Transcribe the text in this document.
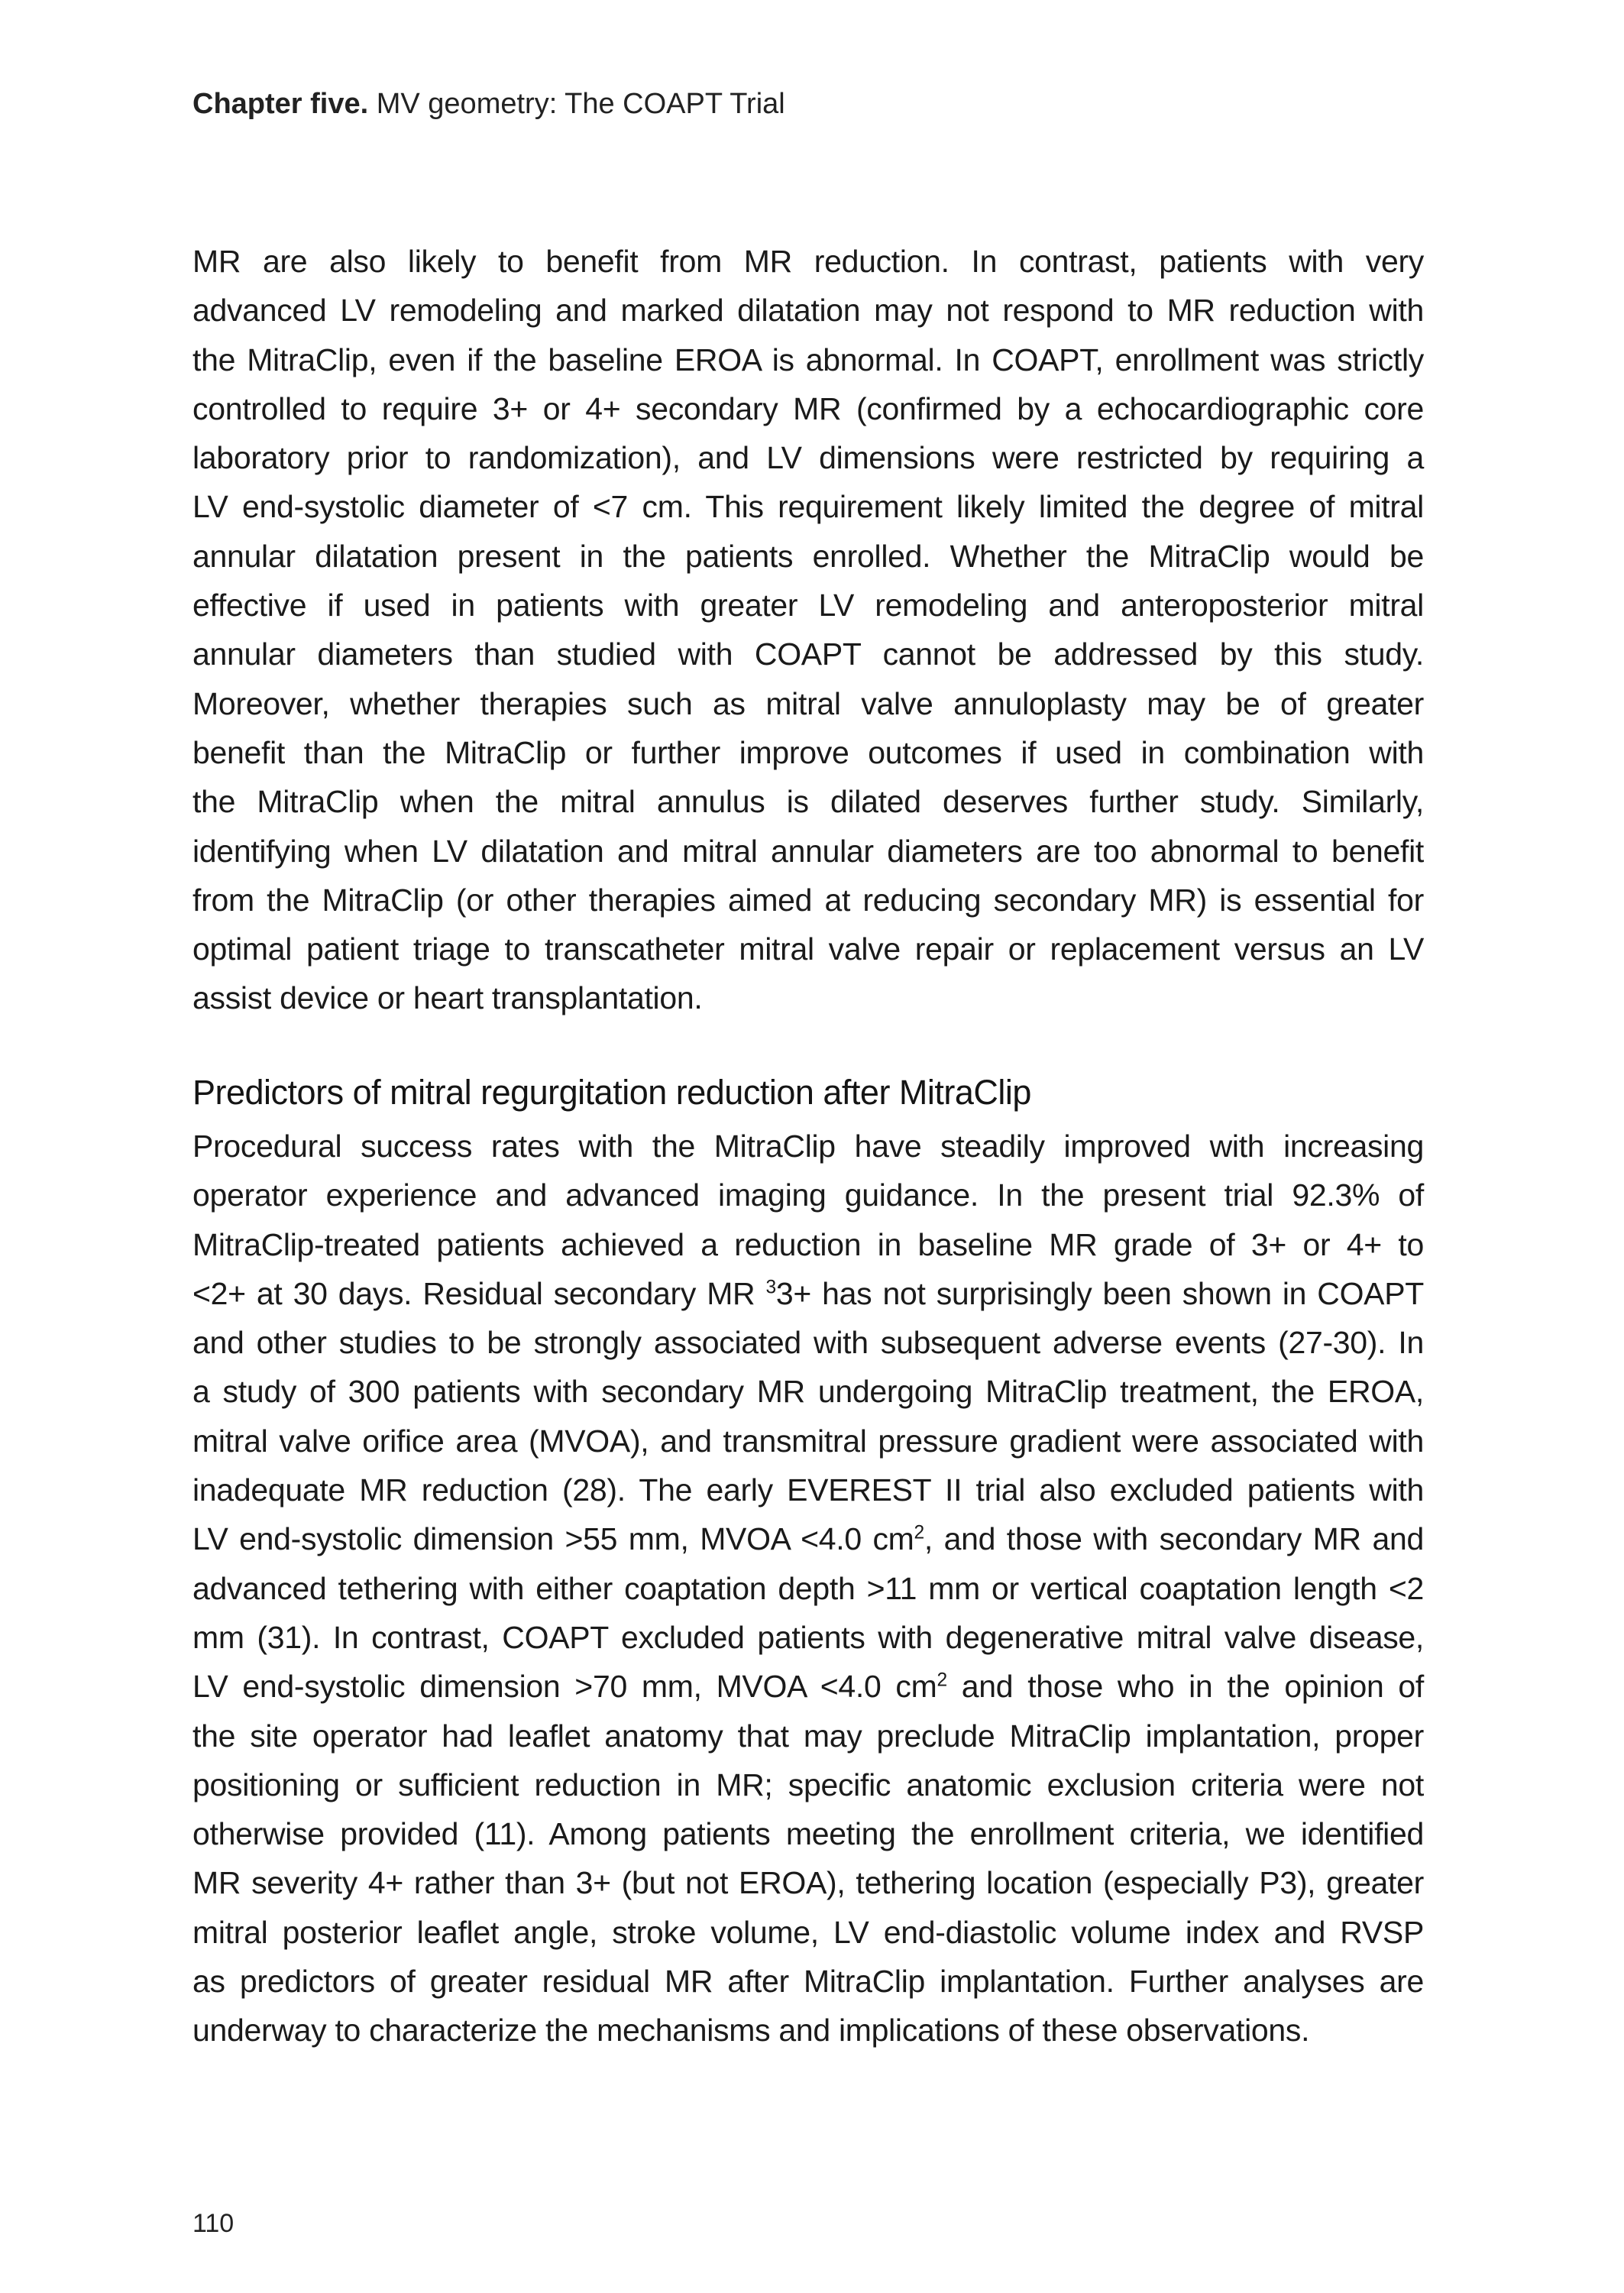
Chapter five. MV geometry: The COAPT Trial

MR are also likely to benefit from MR reduction. In contrast, patients with very
advanced LV remodeling and marked dilatation may not respond to MR reduction with
the MitraClip, even if the baseline EROA is abnormal. In COAPT, enrollment was strictly
controlled to require 3+ or 4+ secondary MR (confirmed by a echocardiographic core
laboratory prior to randomization), and LV dimensions were restricted by requiring a
LV end-systolic diameter of <7 cm. This requirement likely limited the degree of mitral
annular dilatation present in the patients enrolled. Whether the MitraClip would be
effective if used in patients with greater LV remodeling and anteroposterior mitral
annular diameters than studied with COAPT cannot be addressed by this study.
Moreover, whether therapies such as mitral valve annuloplasty may be of greater
benefit than the MitraClip or further improve outcomes if used in combination with
the MitraClip when the mitral annulus is dilated deserves further study. Similarly,
identifying when LV dilatation and mitral annular diameters are too abnormal to benefit
from the MitraClip (or other therapies aimed at reducing secondary MR) is essential for
optimal patient triage to transcatheter mitral valve repair or replacement versus an LV
assist device or heart transplantation.

Predictors of mitral regurgitation reduction after MitraClip

Procedural success rates with the MitraClip have steadily improved with increasing
operator experience and advanced imaging guidance. In the present trial 92.3% of
MitraClip-treated patients achieved a reduction in baseline MR grade of 3+ or 4+ to
<2+ at 30 days. Residual secondary MR $^3$3+ has not surprisingly been shown in COAPT
and other studies to be strongly associated with subsequent adverse events (27-30). In
a study of 300 patients with secondary MR undergoing MitraClip treatment, the EROA,
mitral valve orifice area (MVOA), and transmitral pressure gradient were associated with
inadequate MR reduction (28). The early EVEREST II trial also excluded patients with
LV end-systolic dimension >55 mm, MVOA <4.0 $cm^2$, and those with secondary MR and
advanced tethering with either coaptation depth >11 mm or vertical coaptation length <2
mm (31). In contrast, COAPT excluded patients with degenerative mitral valve disease,
LV end-systolic dimension >70 mm, MVOA <4.0 $cm^2$ and those who in the opinion of
the site operator had leaflet anatomy that may preclude MitraClip implantation, proper
positioning or sufficient reduction in MR; specific anatomic exclusion criteria were not
otherwise provided (11). Among patients meeting the enrollment criteria, we identified
MR severity 4+ rather than 3+ (but not EROA), tethering location (especially P3), greater
mitral posterior leaflet angle, stroke volume, LV end-diastolic volume index and RVSP
as predictors of greater residual MR after MitraClip implantation. Further analyses are
underway to characterize the mechanisms and implications of these observations.

110
